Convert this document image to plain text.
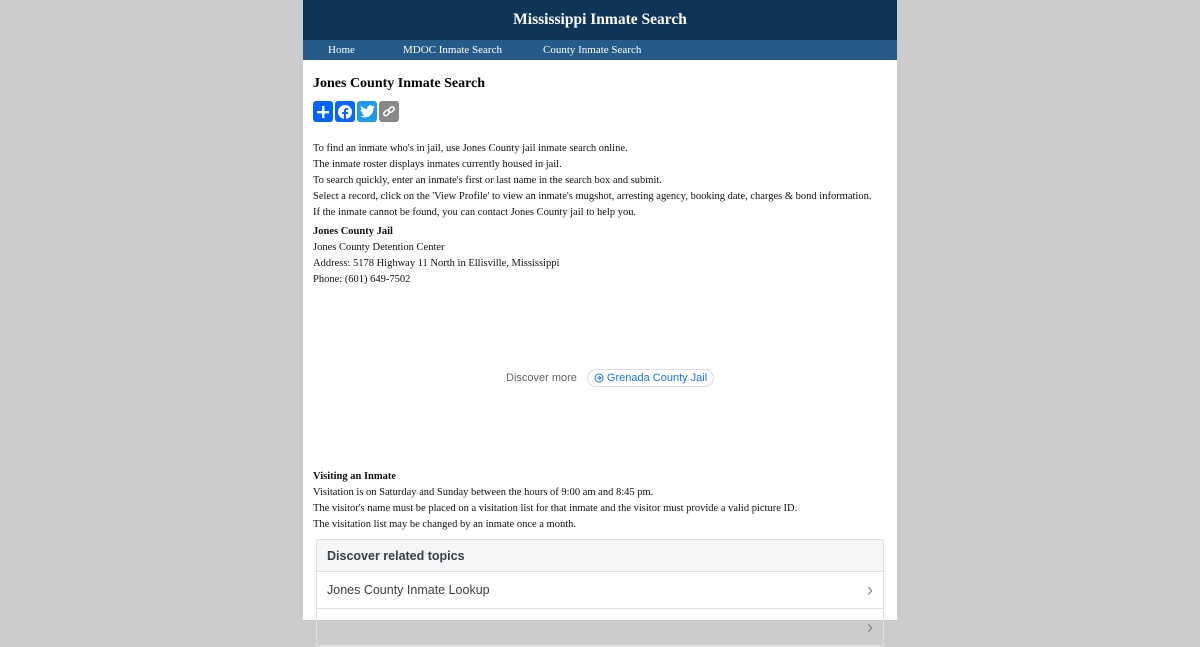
Mississippi Inmate Search
Home	MDOC Inmate Search	County Inmate Search
Jones County Inmate Search

To find an inmate who's in jail, use Jones County jail inmate search online.

The inmate roster displays inmates currently housed in jail.

To search quickly, enter an inmate's first or last name in the search box and submit.

Select a record, click on the 'View Profile' to view an inmate's mugshot, arresting agency, booking date, charges & bond information.

If the inmate cannot be found, you can contact Jones County jail to help you.

Jones County Jail

Jones County Detention Center

Address: 5178 Highway 11 North in Ellisville, Mississippi

Phone: (601) 649-7502

Discover more	Grenada County Jail

Visiting an Inmate

Visitation is on Saturday and Sunday between the hours of 9:00 am and 8:45 pm.

The visitor's name must be placed on a visitation list for that inmate and the visitor must provide a valid picture ID.

The visitation list may be changed by an inmate once a month.

Discover related topics
Jones County Inmate Lookup	›
›
